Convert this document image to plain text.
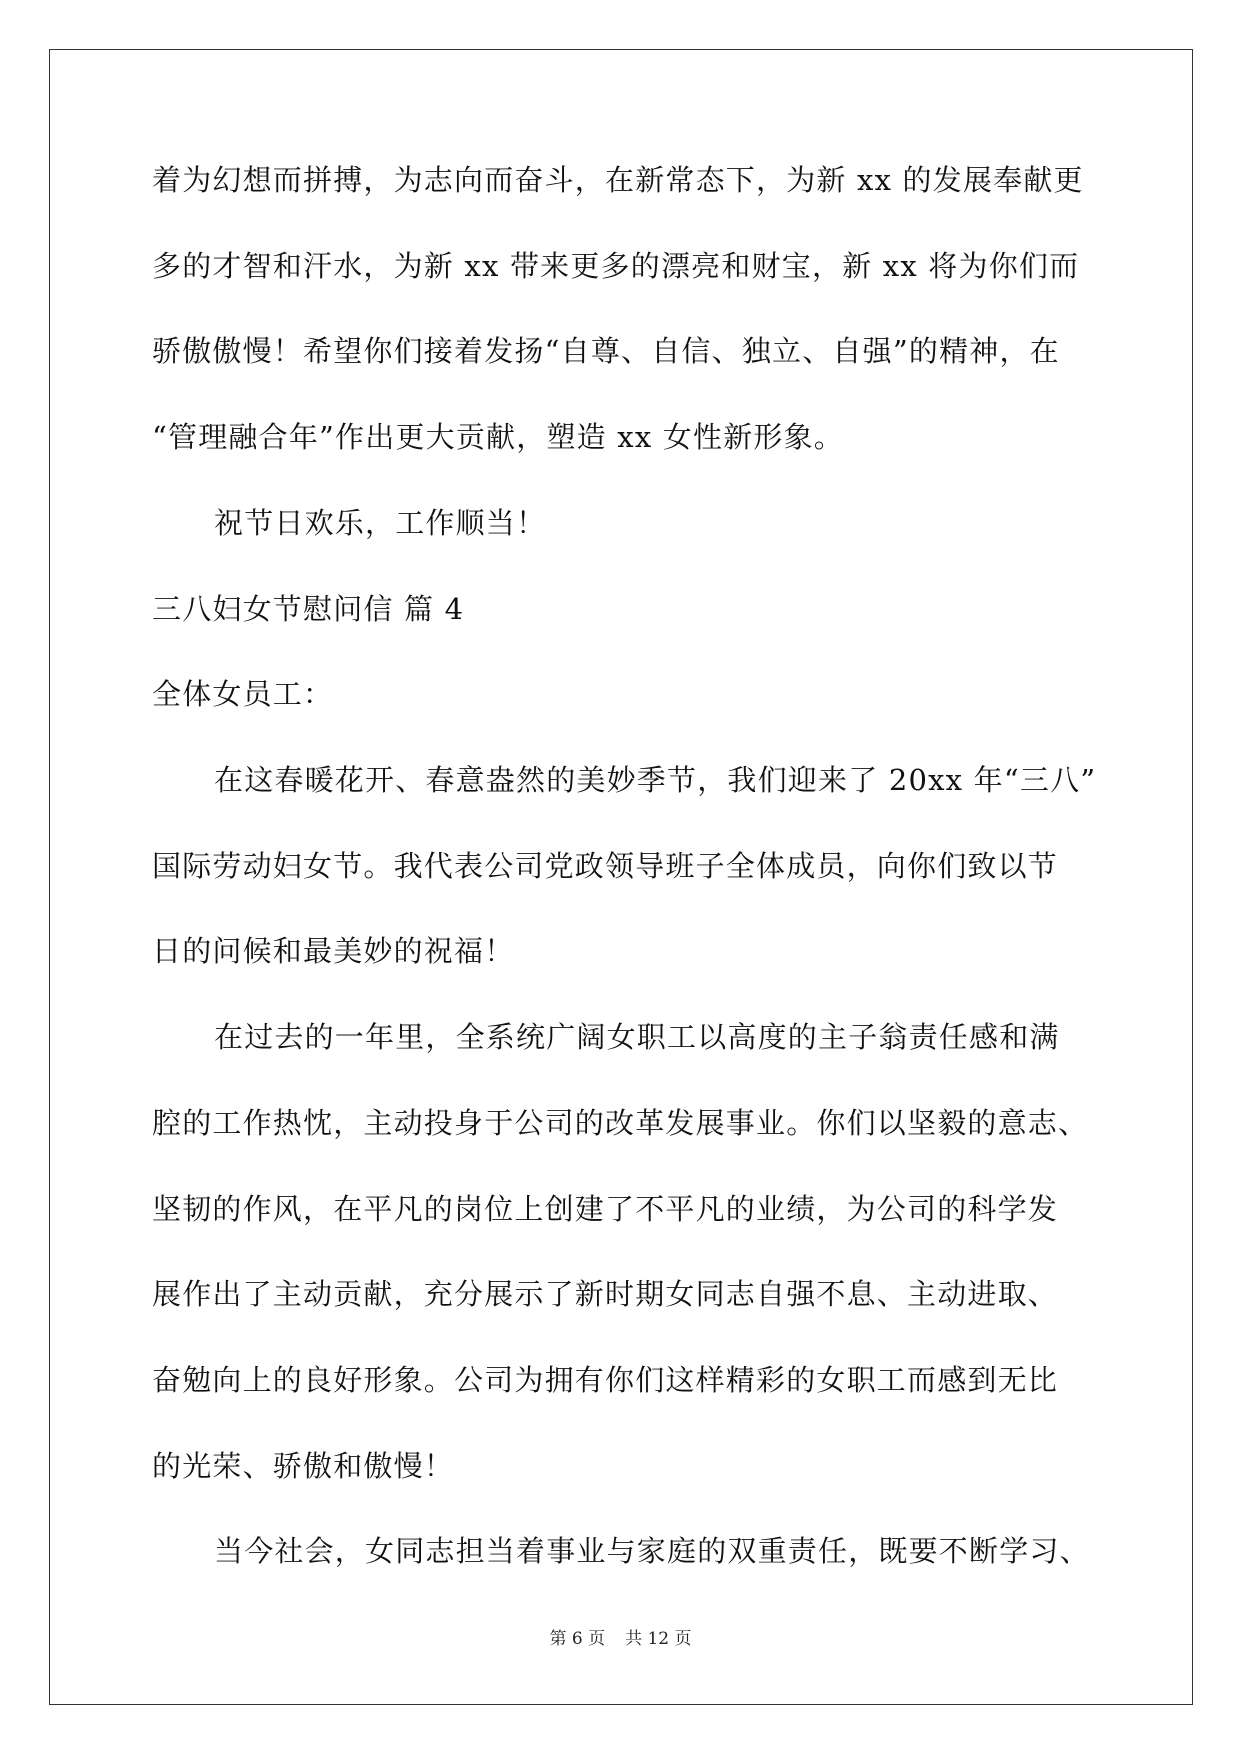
着为幻想而拼搏，为志向而奋斗，在新常态下，为新 xx 的发展奉献更
多的才智和汗水，为新 xx 带来更多的漂亮和财宝，新 xx 将为你们而
骄傲傲慢！希望你们接着发扬“自尊、自信、独立、自强”的精神，在
“管理融合年”作出更大贡献，塑造 xx 女性新形象。
祝节日欢乐，工作顺当！
三八妇女节慰问信 篇 4
全体女员工：
在这春暖花开、春意盎然的美妙季节，我们迎来了 20xx 年“三八”
国际劳动妇女节。我代表公司党政领导班子全体成员，向你们致以节
日的问候和最美妙的祝福！
在过去的一年里，全系统广阔女职工以高度的主子翁责任感和满
腔的工作热忱，主动投身于公司的改革发展事业。你们以坚毅的意志、
坚韧的作风，在平凡的岗位上创建了不平凡的业绩，为公司的科学发
展作出了主动贡献，充分展示了新时期女同志自强不息、主动进取、
奋勉向上的良好形象。公司为拥有你们这样精彩的女职工而感到无比
的光荣、骄傲和傲慢！
当今社会，女同志担当着事业与家庭的双重责任，既要不断学习、
第 6 页 共 12 页
